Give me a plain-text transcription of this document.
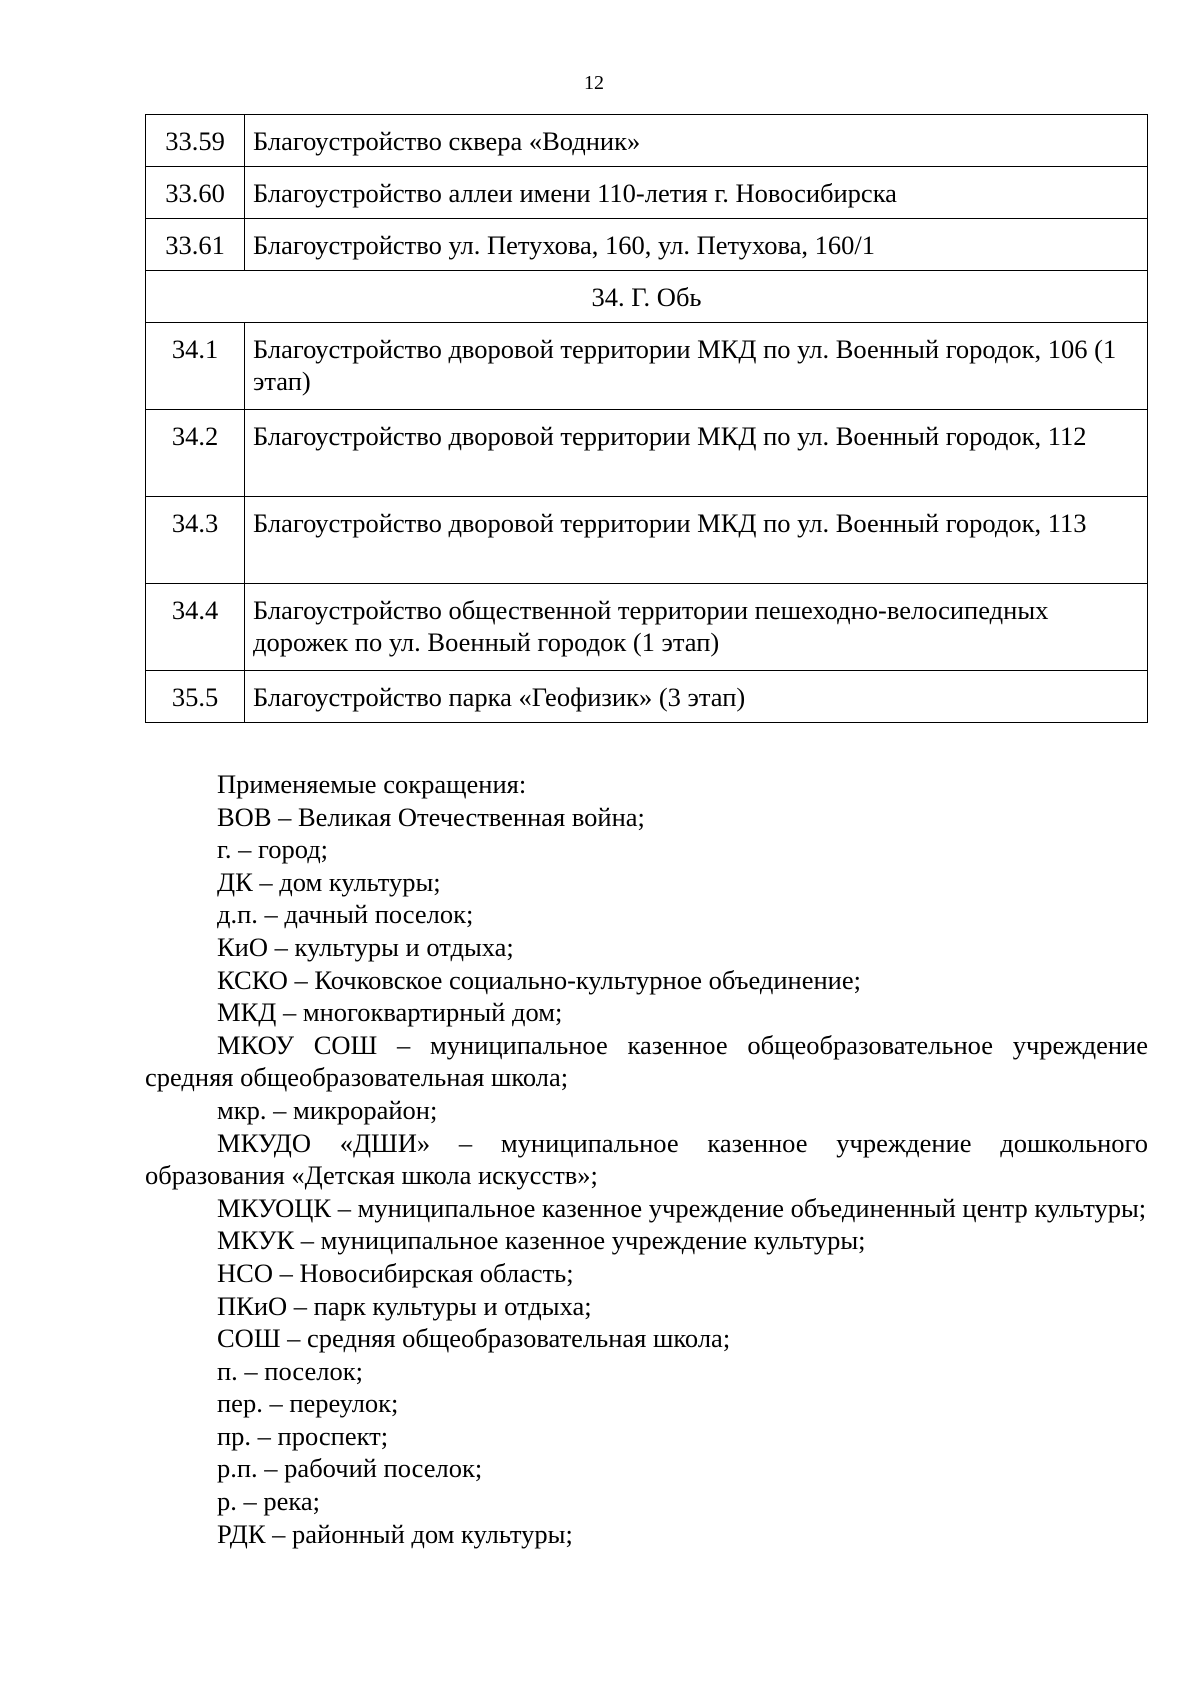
12
33.59	Благоустройство сквера «Водник»
33.60	Благоустройство аллеи имени 110-летия г. Новосибирска
33.61	Благоустройство ул. Петухова, 160, ул. Петухова, 160/1
34. Г. Обь	
34.1	Благоустройство дворовой территории МКД по ул. Военный городок, 106 (1 этап)
34.2	Благоустройство дворовой территории МКД по ул. Военный городок, 112
34.3	Благоустройство дворовой территории МКД по ул. Военный городок, 113
34.4	Благоустройство общественной территории пешеходно-велосипедных дорожек по ул. Военный городок (1 этап)
35.5	Благоустройство парка «Геофизик» (3 этап)

Применяемые сокращения:

ВОВ – Великая Отечественная война;

г. – город;

ДК – дом культуры;

д.п. – дачный поселок;

КиО – культуры и отдыха;

КСКО – Кочковское социально-культурное объединение;

МКД – многоквартирный дом;

МКОУ СОШ – муниципальное казенное общеобразовательное учреждение средняя общеобразовательная школа;

мкр. – микрорайон;

МКУДО «ДШИ» – муниципальное казенное учреждение дошкольного образования «Детская школа искусств»;

МКУОЦК – муниципальное казенное учреждение объединенный центр культуры;

МКУК – муниципальное казенное учреждение культуры;

НСО – Новосибирская область;

ПКиО – парк культуры и отдыха;

СОШ – средняя общеобразовательная школа;

п. – поселок;

пер. – переулок;

пр. – проспект;

р.п. – рабочий поселок;

р. – река;

РДК – районный дом культуры;
